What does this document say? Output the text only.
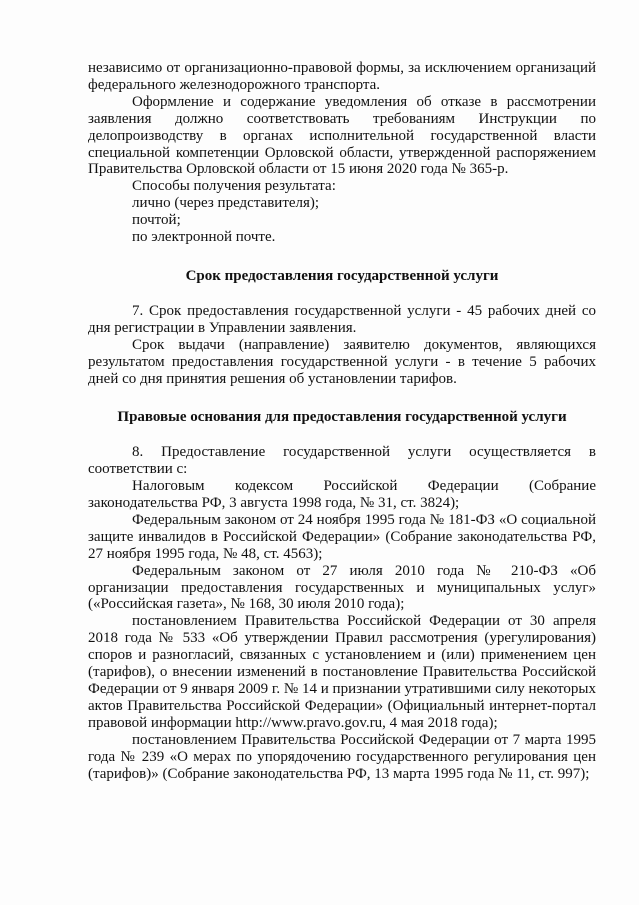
независимо от организационно-правовой формы, за исключением организаций федерального железнодорожного транспорта.

Оформление и содержание уведомления об отказе в рассмотрении заявления должно соответствовать требованиям Инструкции по делопроизводству в органах исполнительной государственной власти специальной компетенции Орловской области, утвержденной распоряжением Правительства Орловской области от 15 июня 2020 года № 365-р.

Способы получения результата:

лично (через представителя);

почтой;

по электронной почте.

Срок предоставления государственной услуги

7. Срок предоставления государственной услуги - 45 рабочих дней со дня регистрации в Управлении заявления.

Срок выдачи (направление) заявителю документов, являющихся результатом предоставления государственной услуги - в течение 5 рабочих дней со дня принятия решения об установлении тарифов.

Правовые основания для предоставления государственной услуги

8. Предоставление государственной услуги осуществляется в соответствии с:

Налоговым кодексом Российской Федерации (Собрание законодательства РФ, 3 августа 1998 года, № 31, ст. 3824);

Федеральным законом от 24 ноября 1995 года № 181-ФЗ «О социальной защите инвалидов в Российской Федерации» (Собрание законодательства РФ, 27 ноября 1995 года, № 48, ст. 4563);

Федеральным законом от 27 июля 2010 года № 210-ФЗ «Об организации предоставления государственных и муниципальных услуг» («Российская газета», № 168, 30 июля 2010 года);

постановлением Правительства Российской Федерации от 30 апреля 2018 года № 533 «Об утверждении Правил рассмотрения (урегулирования) споров и разногласий, связанных с установлением и (или) применением цен (тарифов), о внесении изменений в постановление Правительства Российской Федерации от 9 января 2009 г. № 14 и признании утратившими силу некоторых актов Правительства Российской Федерации» (Официальный интернет-портал правовой информации http://www.pravo.gov.ru, 4 мая 2018 года);

постановлением Правительства Российской Федерации от 7 марта 1995 года № 239 «О мерах по упорядочению государственного регулирования цен (тарифов)» (Собрание законодательства РФ, 13 марта 1995 года № 11, ст. 997);
